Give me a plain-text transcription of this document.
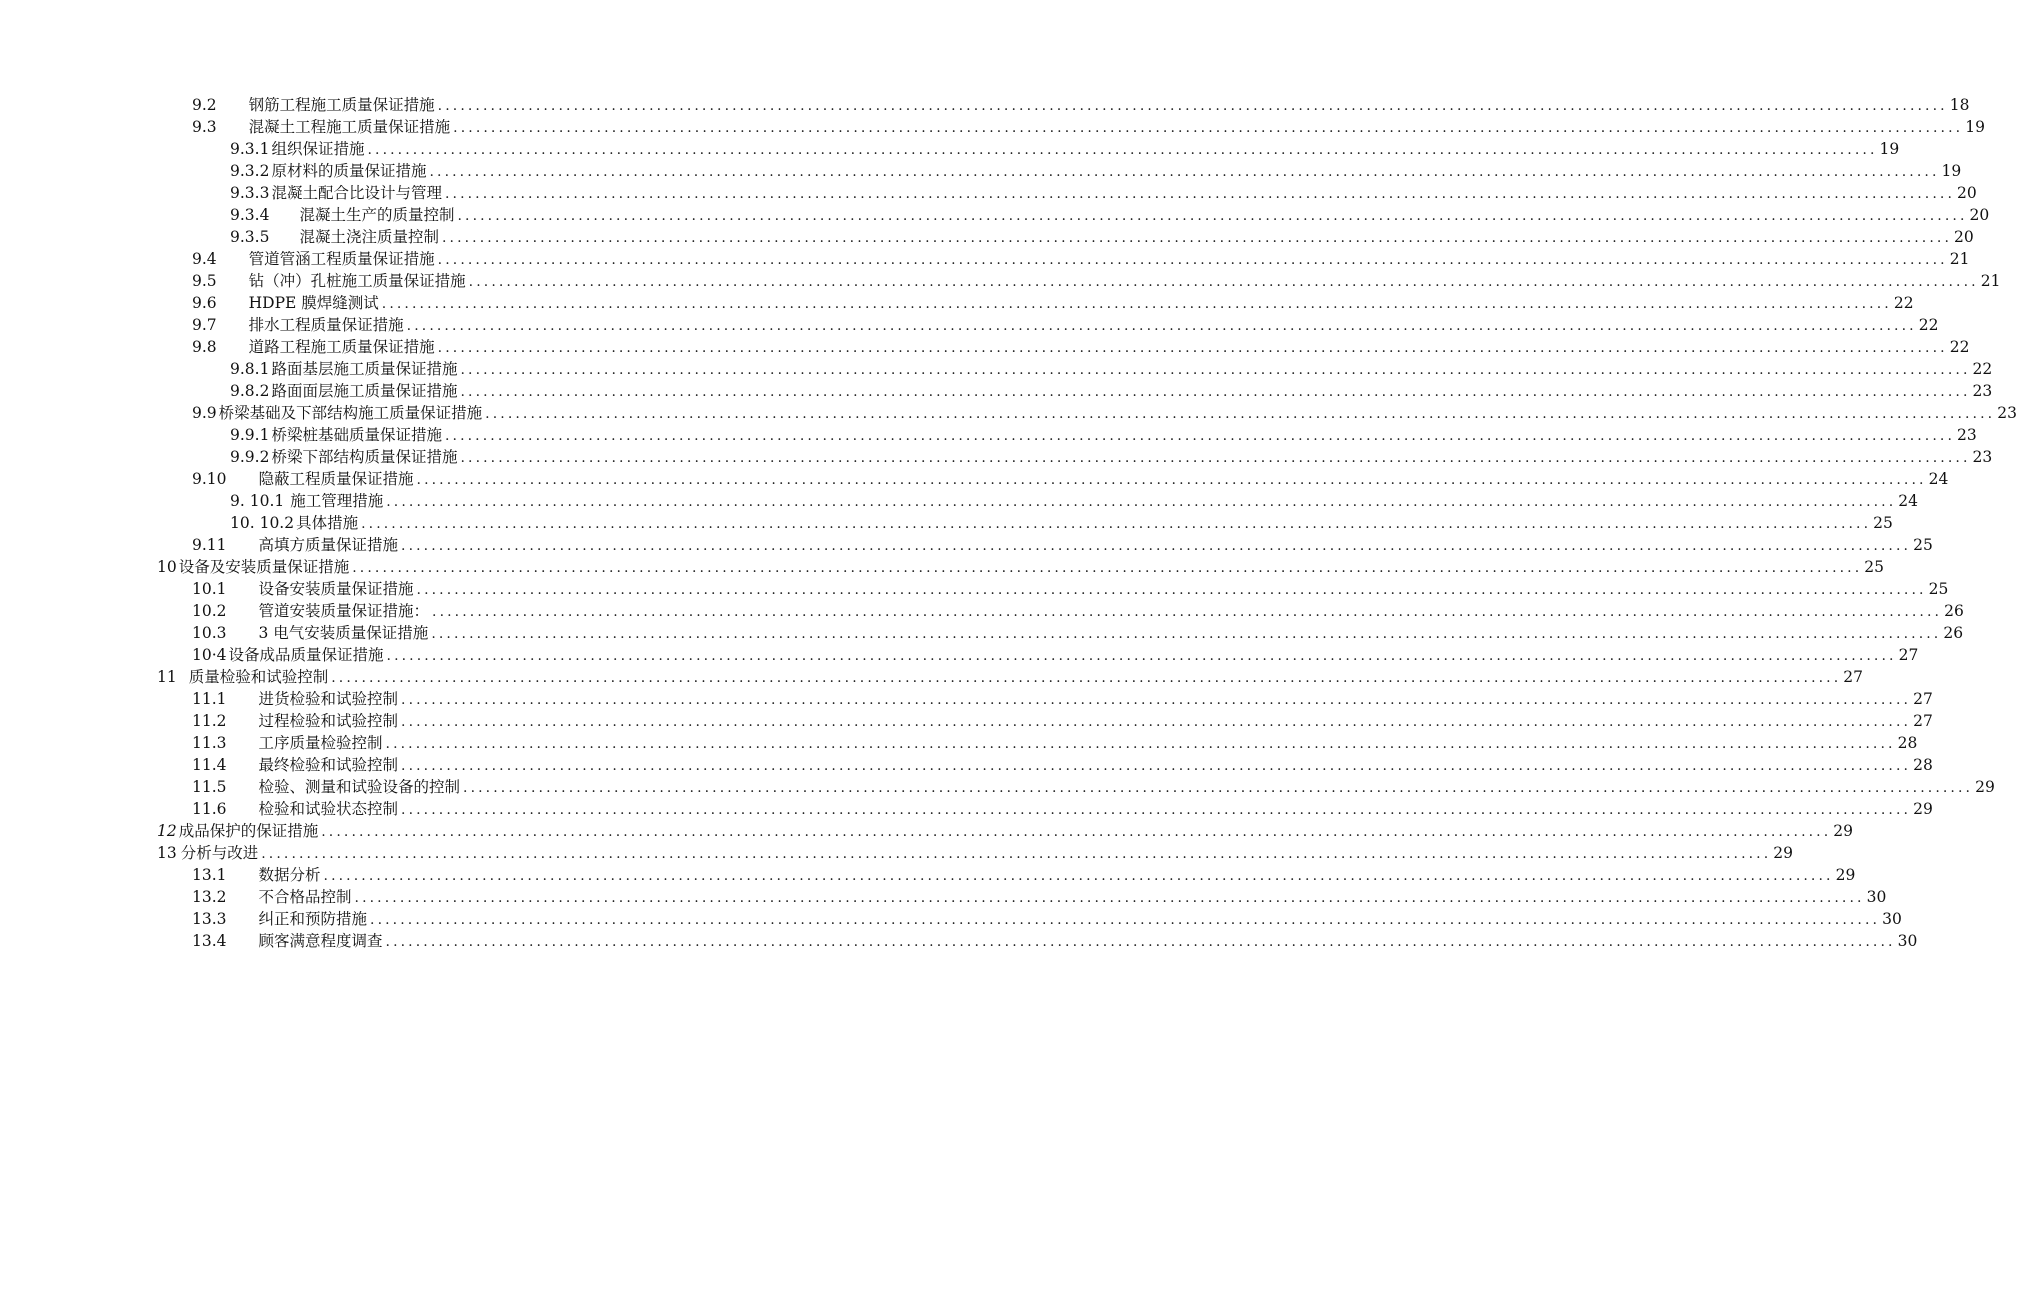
9.2 钢筋工程施工质量保证措施 ........................................................................................................................................................................................................ 18
9.3 混凝土工程施工质量保证措施 ........................................................................................................................................................................................................ 19
9.3.1 组织保证措施 ........................................................................................................................................................................................................ 19
9.3.2 原材料的质量保证措施 ........................................................................................................................................................................................................ 19
9.3.3 混凝土配合比设计与管理 ........................................................................................................................................................................................................ 20
9.3.4 混凝土生产的质量控制 ........................................................................................................................................................................................................ 20
9.3.5 混凝土浇注质量控制 ........................................................................................................................................................................................................ 20
9.4 管道管涵工程质量保证措施 ........................................................................................................................................................................................................ 21
9.5 钻（冲）孔桩施工质量保证措施 ........................................................................................................................................................................................................ 21
9.6 HDPE 膜焊缝测试 ........................................................................................................................................................................................................ 22
9.7 排水工程质量保证措施 ........................................................................................................................................................................................................ 22
9.8 道路工程施工质量保证措施 ........................................................................................................................................................................................................ 22
9.8.1 路面基层施工质量保证措施 ........................................................................................................................................................................................................ 22
9.8.2 路面面层施工质量保证措施 ........................................................................................................................................................................................................ 23
9.9 桥梁基础及下部结构施工质量保证措施 ........................................................................................................................................................................................................ 23
9.9.1 桥梁桩基础质量保证措施 ........................................................................................................................................................................................................ 23
9.9.2 桥梁下部结构质量保证措施 ........................................................................................................................................................................................................ 23
9.10 隐蔽工程质量保证措施 ........................................................................................................................................................................................................ 24
9. 10.1 施工管理措施 ........................................................................................................................................................................................................ 24
10. 10.2 具体措施 ........................................................................................................................................................................................................ 25
9.11 高填方质量保证措施 ........................................................................................................................................................................................................ 25
10 设备及安装质量保证措施 ........................................................................................................................................................................................................ 25
10.1 设备安装质量保证措施 ........................................................................................................................................................................................................ 25
10.2 管道安装质量保证措施： ........................................................................................................................................................................................................ 26
10.3 3 电气安装质量保证措施 ........................................................................................................................................................................................................ 26
10·4 设备成品质量保证措施 ........................................................................................................................................................................................................ 27
11 质量检验和试验控制 ........................................................................................................................................................................................................ 27
11.1 进货检验和试验控制 ........................................................................................................................................................................................................ 27
11.2 过程检验和试验控制 ........................................................................................................................................................................................................ 27
11.3 工序质量检验控制 ........................................................................................................................................................................................................ 28
11.4 最终检验和试验控制 ........................................................................................................................................................................................................ 28
11.5 检验、测量和试验设备的控制 ........................................................................................................................................................................................................ 29
11.6 检验和试验状态控制 ........................................................................................................................................................................................................ 29
12 成品保护的保证措施 ........................................................................................................................................................................................................ 29
13 分析与改进 ........................................................................................................................................................................................................ 29
13.1 数据分析 ........................................................................................................................................................................................................ 29
13.2 不合格品控制 ........................................................................................................................................................................................................ 30
13.3 纠正和预防措施 ........................................................................................................................................................................................................ 30
13.4 顾客满意程度调查 ........................................................................................................................................................................................................ 30
